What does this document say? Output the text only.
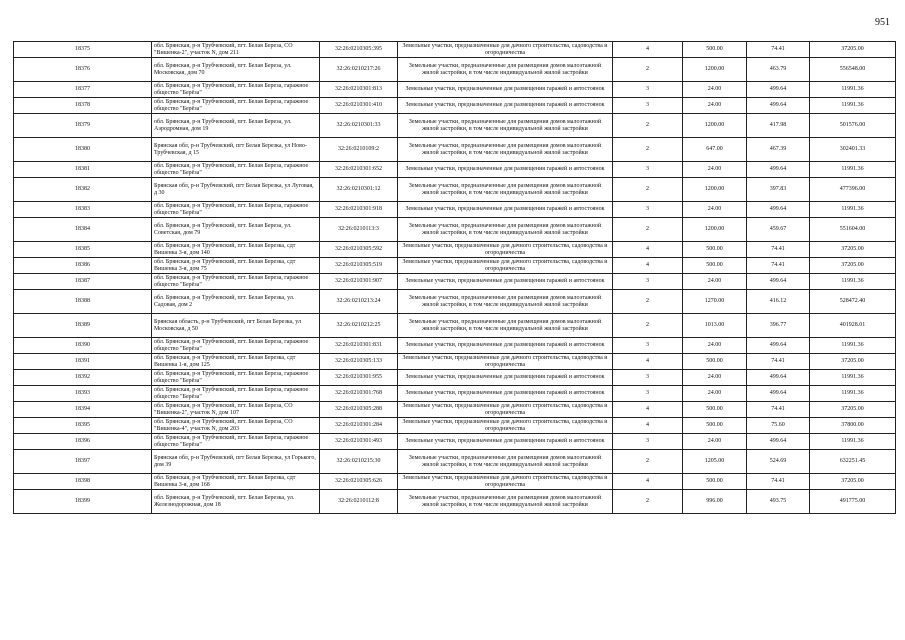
951
18375	обл. Брянская, р-н Трубчевский, пгт. Белая Береза, СО "Вишенка-2", участок N, дом 211	32:26:0210305:395	Земельные участки, предназначенные для дачного строительства, садоводства и огородничества	4	500.00	74.41	37205.00
18376	обл. Брянская, р-н Трубчевский, пгт. Белая Береза, ул. Московская, дом 70	32:26:0210217:26	Земельные участки, предназначенные для размещения домов малоэтажной жилой застройки, в том числе индивидуальной жилой застройки	2	1200.00	463.79	556548.00
18377	обл. Брянская, р-н Трубчевский, пгт. Белая Береза, гаражное общество "Берёза"	32:26:0210301:813	Земельные участки, предназначенные для размещения гаражей и автостоянок	3	24.00	499.64	11991.36
18378	обл. Брянская, р-н Трубчевский, пгт. Белая Береза, гаражное общество "Берёза"	32:26:0210301:410	Земельные участки, предназначенные для размещения гаражей и автостоянок	3	24.00	499.64	11991.36
18379	обл. Брянская, р-н Трубчевский, пгт. Белая Береза, ул. Аэродромная, дом 19	32:26:0210301:33	Земельные участки, предназначенные для размещения домов малоэтажной жилой застройки, в том числе индивидуальной жилой застройки	2	1200.00	417.98	501576.00
18380	Брянская обл, р-н Трубчевский, пгт Белая Березка, ул Ново-Трубчевская, д 15	32:26:0210109:2	Земельные участки, предназначенные для размещения домов малоэтажной жилой застройки, в том числе индивидуальной жилой застройки	2	647.00	467.39	302401.33
18381	обл. Брянская, р-н Трубчевский, пгт. Белая Береза, гаражное общество "Берёза"	32:26:0210301:652	Земельные участки, предназначенные для размещения гаражей и автостоянок	3	24.00	499.64	11991.36
18382	Брянская обл, р-н Трубчевский, пгт Белая Березка, ул Луговая, д 30	32:26:0210301:12	Земельные участки, предназначенные для размещения домов малоэтажной жилой застройки, в том числе индивидуальной жилой застройки	2	1200.00	397.83	477396.00
18383	обл. Брянская, р-н Трубчевский, пгт. Белая Береза, гаражное общество "Берёза"	32:26:0210301:918	Земельные участки, предназначенные для размещения гаражей и автостоянок	3	24.00	499.64	11991.36
18384	обл. Брянская, р-н Трубчевский, пгт. Белая Береза, ул. Советская, дом 79	32:26:0210113:3	Земельные участки, предназначенные для размещения домов малоэтажной жилой застройки, в том числе индивидуальной жилой застройки	2	1200.00	459.67	551604.00
18385	обл. Брянская, р-н Трубчевский, пгт. Белая Березка, сдт Вишенка 3-я, дом 140	32:26:0210305:592	Земельные участки, предназначенные для дачного строительства, садоводства и огородничества	4	500.00	74.41	37205.00
18386	обл. Брянская, р-н Трубчевский, пгт. Белая Березка, сдт Вишенка 3-я, дом 75	32:26:0210305:519	Земельные участки, предназначенные для дачного строительства, садоводства и огородничества	4	500.00	74.41	37205.00
18387	обл. Брянская, р-н Трубчевский, пгт. Белая Береза, гаражное общество "Берёза"	32:26:0210301:907	Земельные участки, предназначенные для размещения гаражей и автостоянок	3	24.00	499.64	11991.36
18388	обл. Брянская, р-н Трубчевский, пгт. Белая Березка, ул. Садовая, дом 2	32:26:0210213:24	Земельные участки, предназначенные для размещения домов малоэтажной жилой застройки, в том числе индивидуальной жилой застройки	2	1270.00	416.12	528472.40
18389	Брянская область, р-н Трубчевский, пгт Белая Березка, ул Московская, д 50	32:26:0210212:25	Земельные участки, предназначенные для размещения домов малоэтажной жилой застройки, в том числе индивидуальной жилой застройки	2	1013.00	396.77	401928.01
18390	обл. Брянская, р-н Трубчевский, пгт. Белая Береза, гаражное общество "Берёза"	32:26:0210301:831	Земельные участки, предназначенные для размещения гаражей и автостоянок	3	24.00	499.64	11991.36
18391	обл. Брянская, р-н Трубчевский, пгт. Белая Березка, сдт Вишенка 1-я, дом 125	32:26:0210305:133	Земельные участки, предназначенные для дачного строительства, садоводства и огородничества	4	500.00	74.41	37205.00
18392	обл. Брянская, р-н Трубчевский, пгт. Белая Береза, гаражное общество "Берёза"	32:26:0210301:955	Земельные участки, предназначенные для размещения гаражей и автостоянок	3	24.00	499.64	11991.36
18393	обл. Брянская, р-н Трубчевский, пгт. Белая Береза, гаражное общество "Берёза"	32:26:0210301:768	Земельные участки, предназначенные для размещения гаражей и автостоянок	3	24.00	499.64	11991.36
18394	обл. Брянская, р-н Трубчевский, пгт. Белая Береза, СО "Вишенка-2", участок N, дом 107	32:26:0210305:288	Земельные участки, предназначенные для дачного строительства, садоводства и огородничества	4	500.00	74.41	37205.00
18395	обл. Брянская, р-н Трубчевский, пгт. Белая Береза, СО "Вишенка-4", участок N, дом 203	32:26:0210301:284	Земельные участки, предназначенные для дачного строительства, садоводства и огородничества	4	500.00	75.60	37800.00
18396	обл. Брянская, р-н Трубчевский, пгт. Белая Береза, гаражное общество "Берёза"	32:26:0210301:493	Земельные участки, предназначенные для размещения гаражей и автостоянок	3	24.00	499.64	11991.36
18397	Брянская обл, р-н Трубчевский, пгт Белая Березка, ул Горького, дом 39	32:26:0210215:30	Земельные участки, предназначенные для размещения домов малоэтажной жилой застройки, в том числе индивидуальной жилой застройки	2	1205.00	524.69	632251.45
18398	обл. Брянская, р-н Трубчевский, пгт. Белая Березка, сдт Вишенка 3-я, дом 168	32:26:0210305:626	Земельные участки, предназначенные для дачного строительства, садоводства и огородничества	4	500.00	74.41	37205.00
18399	обл. Брянская, р-н Трубчевский, пгт. Белая Березка, ул. Железнодорожная, дом 18	32:26:0210112:8	Земельные участки, предназначенные для размещения домов малоэтажной жилой застройки, в том числе индивидуальной жилой застройки	2	996.00	493.75	491775.00
